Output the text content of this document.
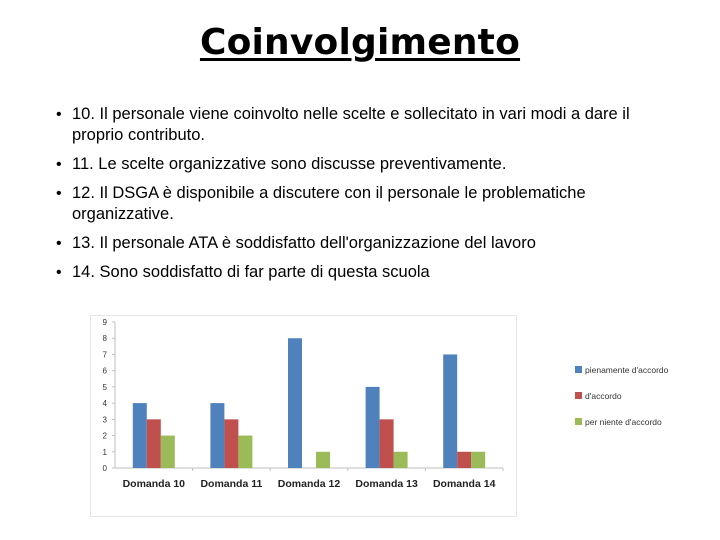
Coinvolgimento
• 10. Il personale viene coinvolto nelle scelte e sollecitato in vari modi a dare il proprio contributo.
• 11. Le scelte organizzative sono discusse preventivamente.
• 12. Il DSGA è disponibile a discutere con il personale le problematiche organizzative.
• 13. Il personale ATA è soddisfatto dell'organizzazione del lavoro
• 14. Sono soddisfatto di far parte di questa scuola
0
1
2
3
4
5
6
7
8
9
Domanda 10 Domanda 11 Domanda 12 Domanda 13 Domanda 14
pienamente d'accordo
d'accordo
per niente d'accordo
